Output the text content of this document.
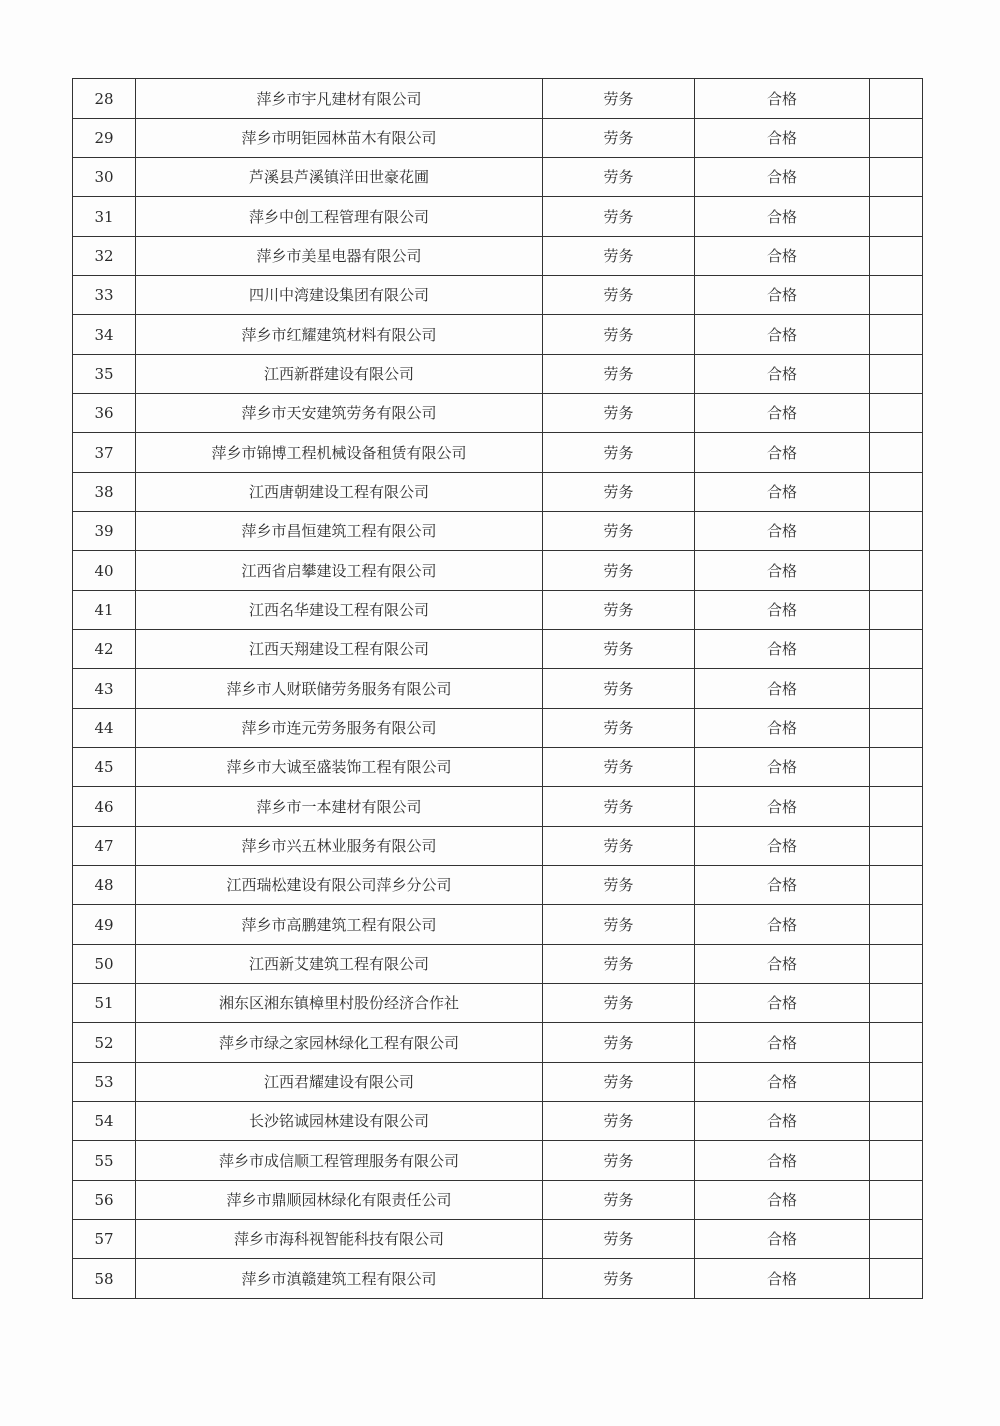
28	萍乡市宇凡建材有限公司	劳务	合格	
29	萍乡市明钜园林苗木有限公司	劳务	合格	
30	芦溪县芦溪镇洋田世豪花圃	劳务	合格	
31	萍乡中创工程管理有限公司	劳务	合格	
32	萍乡市美星电器有限公司	劳务	合格	
33	四川中湾建设集团有限公司	劳务	合格	
34	萍乡市红耀建筑材料有限公司	劳务	合格	
35	江西新群建设有限公司	劳务	合格	
36	萍乡市天安建筑劳务有限公司	劳务	合格	
37	萍乡市锦博工程机械设备租赁有限公司	劳务	合格	
38	江西唐朝建设工程有限公司	劳务	合格	
39	萍乡市昌恒建筑工程有限公司	劳务	合格	
40	江西省启攀建设工程有限公司	劳务	合格	
41	江西名华建设工程有限公司	劳务	合格	
42	江西天翔建设工程有限公司	劳务	合格	
43	萍乡市人财联储劳务服务有限公司	劳务	合格	
44	萍乡市连元劳务服务有限公司	劳务	合格	
45	萍乡市大诚至盛装饰工程有限公司	劳务	合格	
46	萍乡市一本建材有限公司	劳务	合格	
47	萍乡市兴五林业服务有限公司	劳务	合格	
48	江西瑞松建设有限公司萍乡分公司	劳务	合格	
49	萍乡市高鹏建筑工程有限公司	劳务	合格	
50	江西新艾建筑工程有限公司	劳务	合格	
51	湘东区湘东镇樟里村股份经济合作社	劳务	合格	
52	萍乡市绿之家园林绿化工程有限公司	劳务	合格	
53	江西君耀建设有限公司	劳务	合格	
54	长沙铭诚园林建设有限公司	劳务	合格	
55	萍乡市成信顺工程管理服务有限公司	劳务	合格	
56	萍乡市鼎顺园林绿化有限责任公司	劳务	合格	
57	萍乡市海科视智能科技有限公司	劳务	合格	
58	萍乡市滇赣建筑工程有限公司	劳务	合格	
